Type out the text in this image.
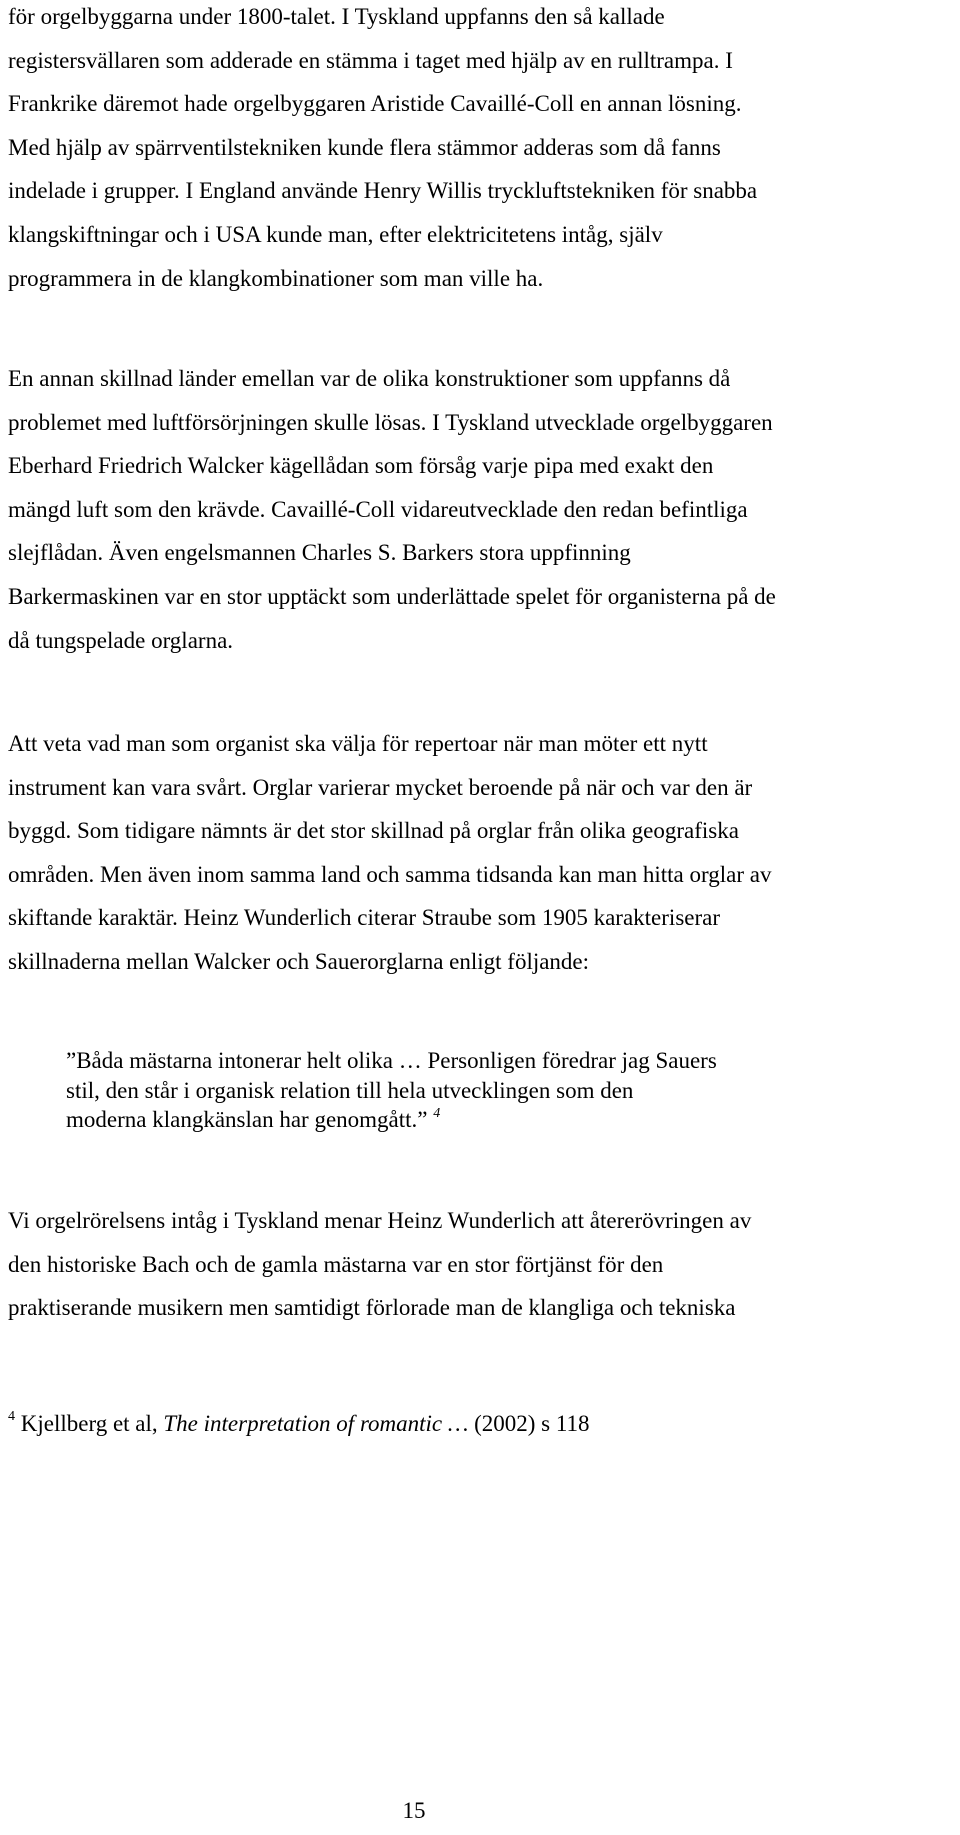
för orgelbyggarna under 1800-talet. I Tyskland uppfanns den så kallade
registersvällaren som adderade en stämma i taget med hjälp av en rulltrampa. I
Frankrike däremot hade orgelbyggaren Aristide Cavaillé-Coll en annan lösning.
Med hjälp av spärrventilstekniken kunde flera stämmor adderas som då fanns
indelade i grupper. I England använde Henry Willis tryckluftstekniken för snabba
klangskiftningar och i USA kunde man, efter elektricitetens intåg, själv
programmera in de klangkombinationer som man ville ha.

En annan skillnad länder emellan var de olika konstruktioner som uppfanns då
problemet med luftförsörjningen skulle lösas. I Tyskland utvecklade orgelbyggaren
Eberhard Friedrich Walcker kägellådan som försåg varje pipa med exakt den
mängd luft som den krävde. Cavaillé-Coll vidareutvecklade den redan befintliga
slejflådan. Även engelsmannen Charles S. Barkers stora uppfinning
Barkermaskinen var en stor upptäckt som underlättade spelet för organisterna på de
då tungspelade orglarna.

Att veta vad man som organist ska välja för repertoar när man möter ett nytt
instrument kan vara svårt. Orglar varierar mycket beroende på när och var den är
byggd. Som tidigare nämnts är det stor skillnad på orglar från olika geografiska
områden. Men även inom samma land och samma tidsanda kan man hitta orglar av
skiftande karaktär. Heinz Wunderlich citerar Straube som 1905 karakteriserar
skillnaderna mellan Walcker och Sauerorglarna enligt följande:

”Båda mästarna intonerar helt olika … Personligen föredrar jag Sauers
stil, den står i organisk relation till hela utvecklingen som den
moderna klangkänslan har genomgått.” $^4$

Vi orgelrörelsens intåg i Tyskland menar Heinz Wunderlich att återerövringen av
den historiske Bach och de gamla mästarna var en stor förtjänst för den
praktiserande musikern men samtidigt förlorade man de klangliga och tekniska

$^4$ Kjellberg et al, The interpretation of romantic … (2002) s 118
15
